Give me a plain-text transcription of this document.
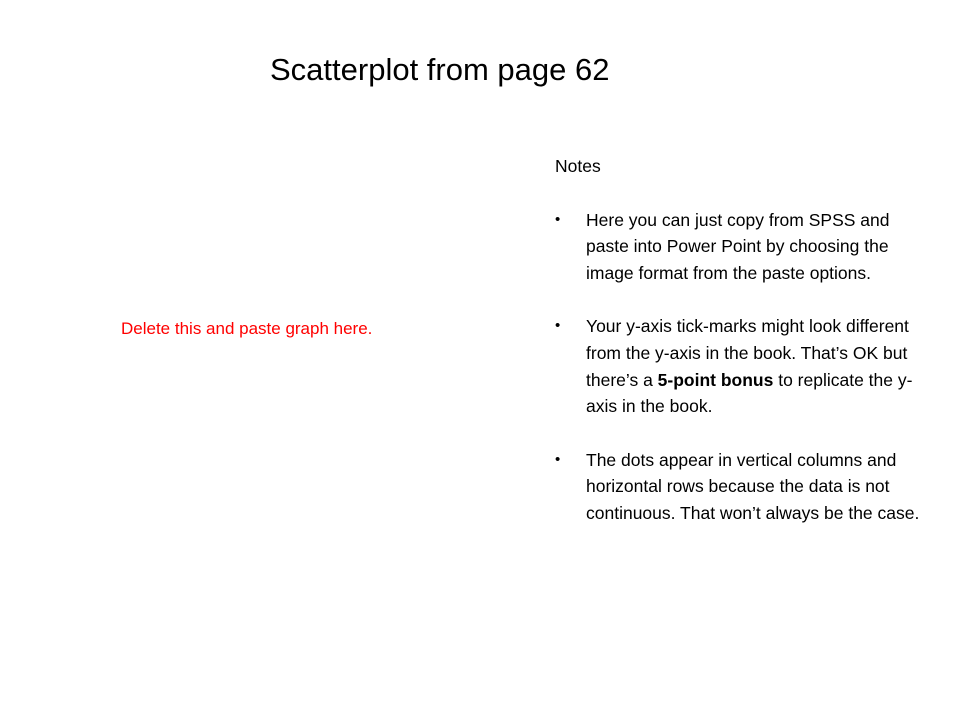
Scatterplot from page 62
Delete this and paste graph here.
Notes
• Here you can just copy from SPSS and paste into Power Point by choosing the image format from the paste options.

• Your y-axis tick-marks might look different from the y-axis in the book. That’s OK but there’s a 5-point bonus to replicate the y-axis in the book.

• The dots appear in vertical columns and horizontal rows because the data is not continuous. That won’t always be the case.
